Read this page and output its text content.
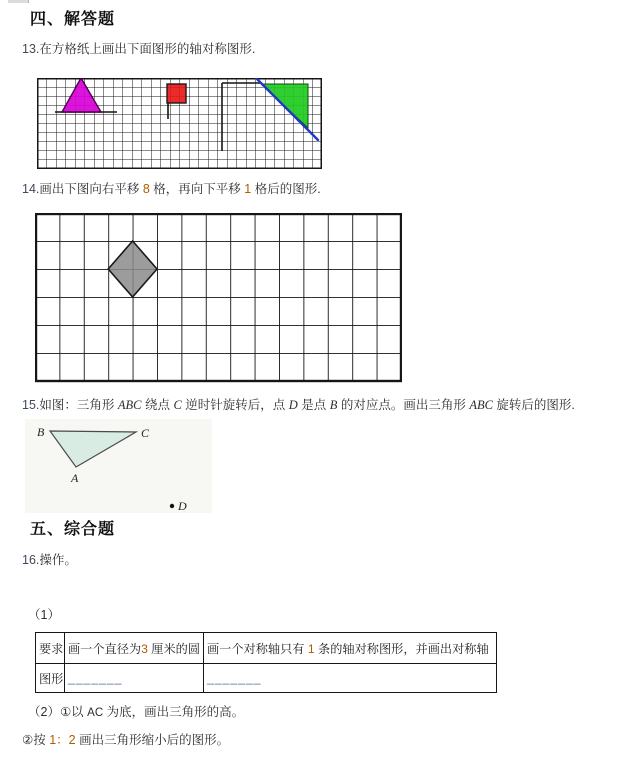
四、解答题
13.在方格纸上画出下面图形的轴对称图形.
14.画出下图向右平移 8 格，再向下平移 1 格后的图形.
15.如图：三角形 ABC 绕点 C 逆时针旋转后，点 D 是点 B 的对应点。画出三角形 ABC 旋转后的图形.
B	C
A
D
五、综合题
16.操作。
（1）
要求	画一个直径为3 厘米的圆	画一个对称轴只有 1 条的轴对称图形，并画出对称轴
图形	_______	_______
（2）①以 AC 为底，画出三角形的高。
②按 1：2 画出三角形缩小后的图形。
